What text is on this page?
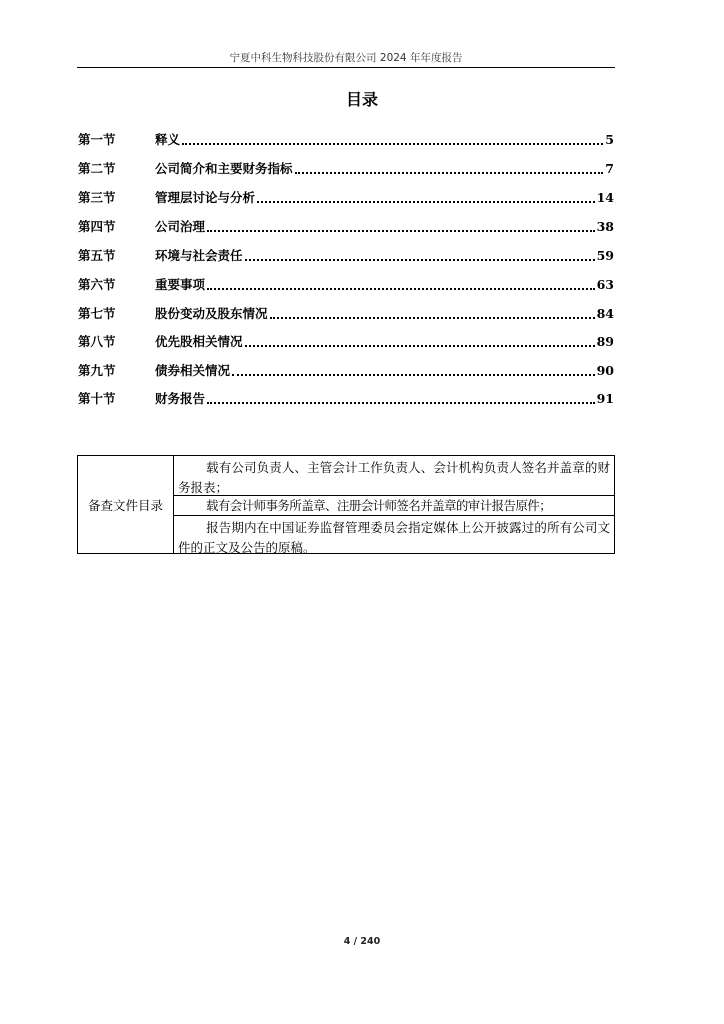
宁夏中科生物科技股份有限公司 2024 年年度报告
目录
第一节	释义	5
第二节	公司简介和主要财务指标	7
第三节	管理层讨论与分析	14
第四节	公司治理	38
第五节	环境与社会责任	59
第六节	重要事项	63
第七节	股份变动及股东情况	84
第八节	优先股相关情况	89
第九节	债券相关情况	90
第十节	财务报告	91
备查文件目录
载有公司负责人、主管会计工作负责人、会计机构负责人签名并盖章的财务报表；
载有会计师事务所盖章、注册会计师签名并盖章的审计报告原件；
报告期内在中国证券监督管理委员会指定媒体上公开披露过的所有公司文件的正文及公告的原稿。
4 / 240
